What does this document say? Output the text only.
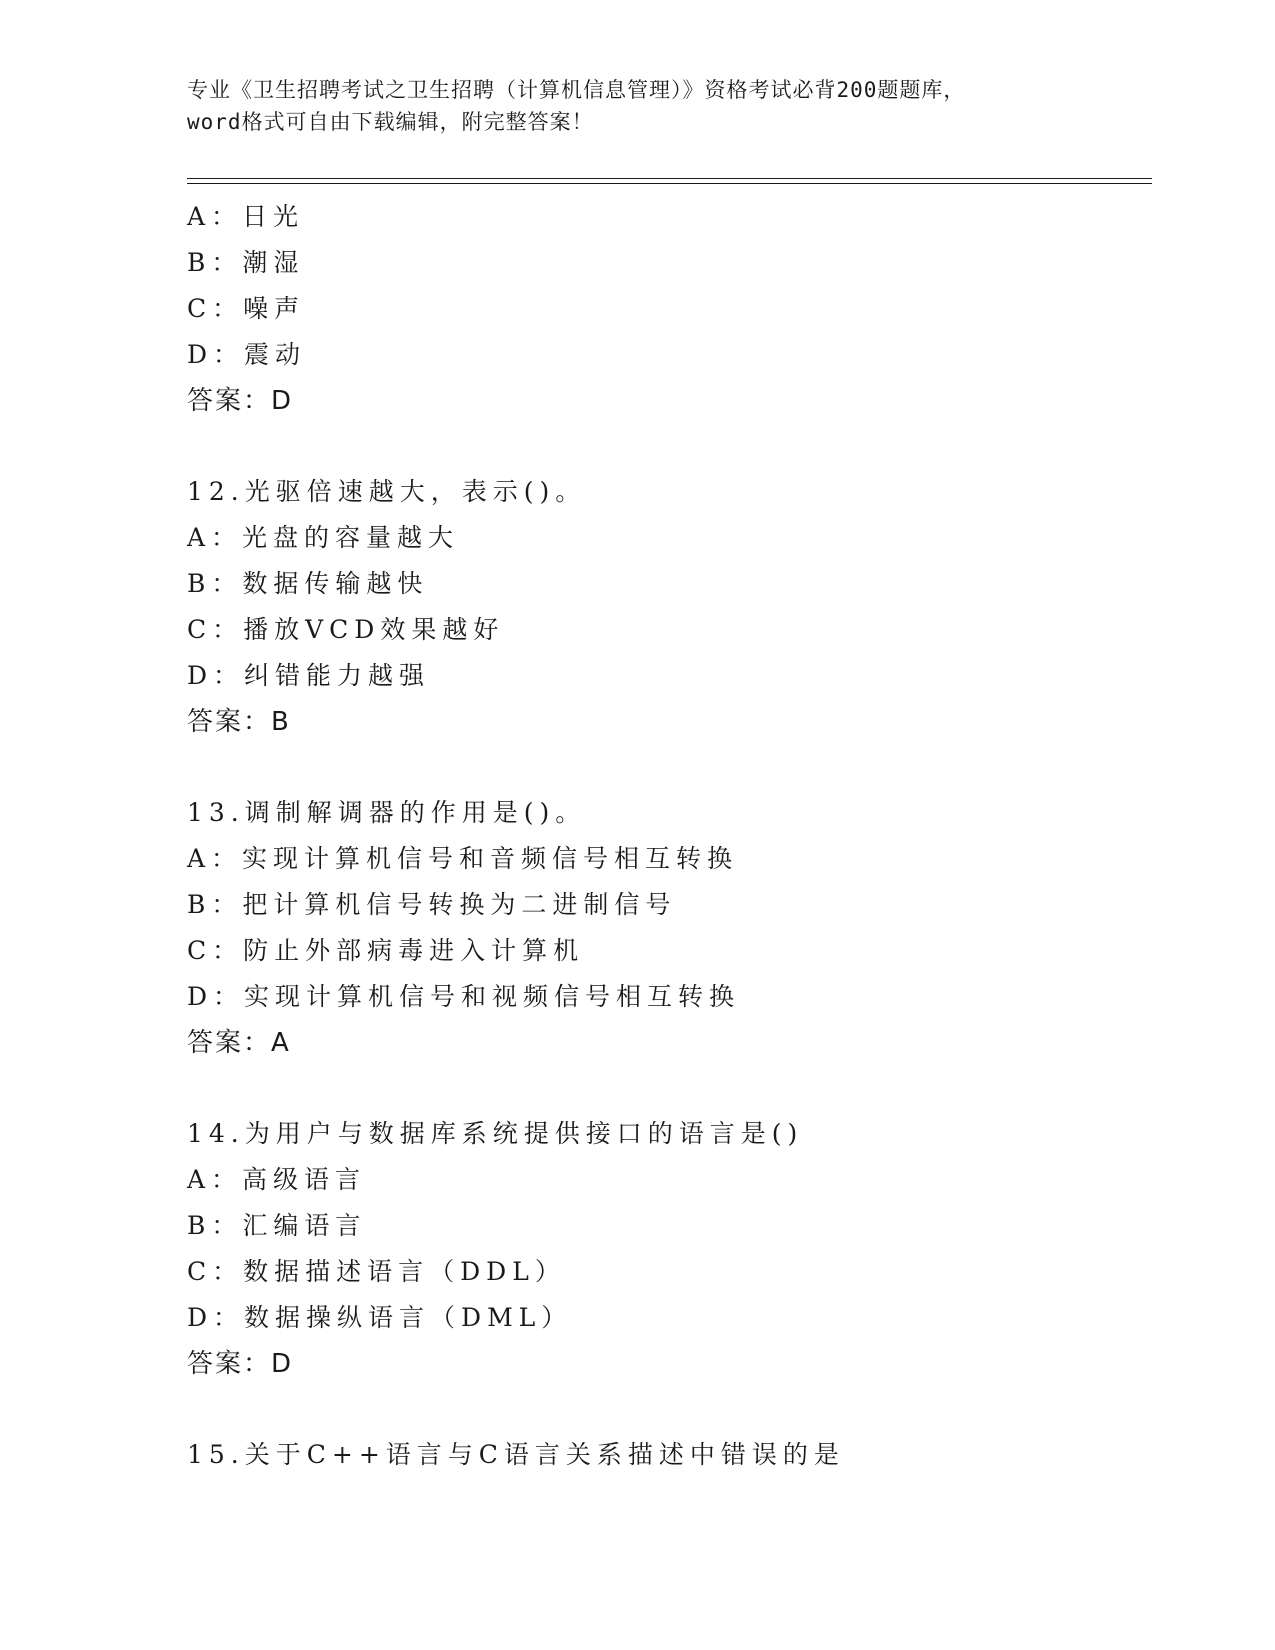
专业《卫生招聘考试之卫生招聘（计算机信息管理）》资格考试必背200题题库，
word格式可自由下载编辑，附完整答案！
A：日光
B：潮湿
C：噪声
D：震动
答案：D
12.光驱倍速越大，表示()。
A：光盘的容量越大
B：数据传输越快
C：播放VCD效果越好
D：纠错能力越强
答案：B
13.调制解调器的作用是()。
A：实现计算机信号和音频信号相互转换
B：把计算机信号转换为二进制信号
C：防止外部病毒进入计算机
D：实现计算机信号和视频信号相互转换
答案：A
14.为用户与数据库系统提供接口的语言是()
A：高级语言
B：汇编语言
C：数据描述语言（DDL）
D：数据操纵语言（DML）
答案：D
15.关于C++语言与C语言关系描述中错误的是
